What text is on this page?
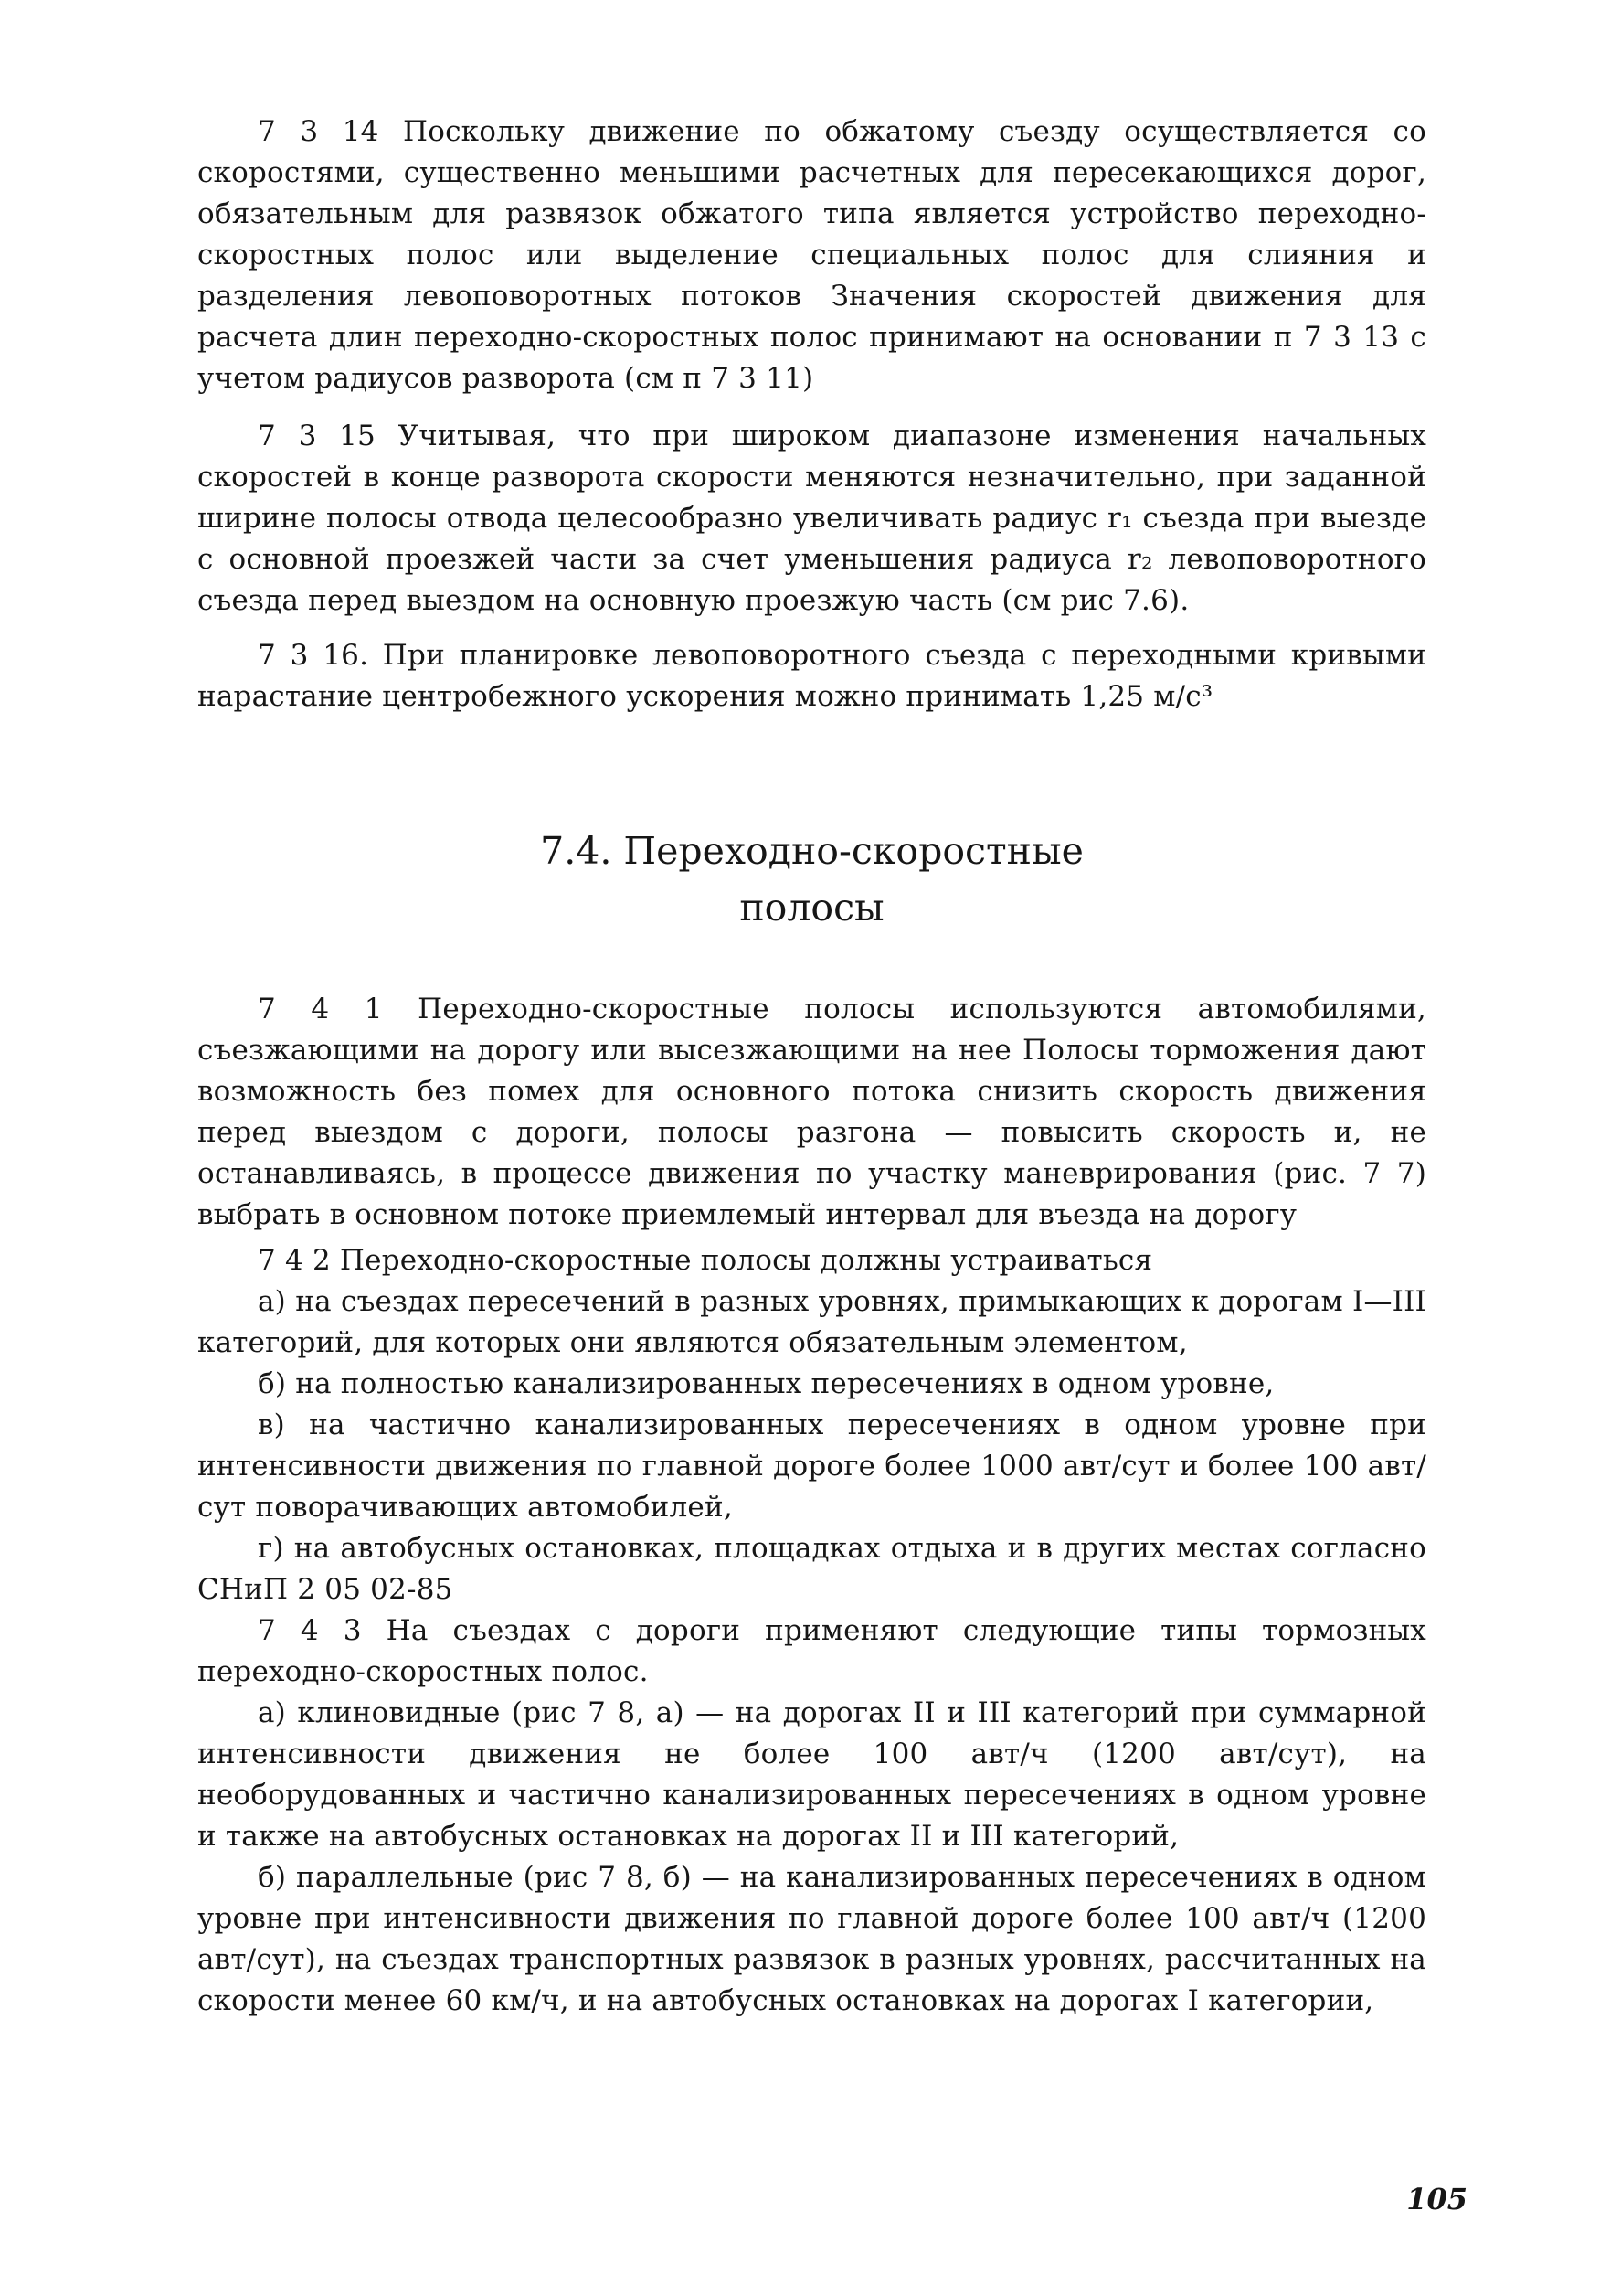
7 3 14 Поскольку движение по обжатому съезду осуществляется со скоростями, существенно меньшими расчетных для пересекающихся дорог, обязательным для развязок обжатого типа является устройство переходно-скоростных полос или выделение специальных полос для слияния и разделения левоповоротных потоков Значения скоростей движения для расчета длин переходно-скоростных полос принимают на основании п 7 3 13 с учетом радиусов разворота (см п 7 3 11)

7 3 15 Учитывая, что при широком диапазоне изменения начальных скоростей в конце разворота скорости меняются незначительно, при заданной ширине полосы отвода целесообразно увеличивать радиус r₁ съезда при выезде с основной проезжей части за счет уменьшения радиуса r₂ левоповоротного съезда перед выездом на основную проезжую часть (см рис 7.6).

7 3 16. При планировке левоповоротного съезда с переходными кривыми нарастание центробежного ускорения можно принимать 1,25 м/с³

7.4. Переходно-скоростные
полосы

7 4 1 Переходно-скоростные полосы используются автомобилями, съезжающими на дорогу или высезжающими на нее Полосы торможения дают возможность без помех для основного потока снизить скорость движения перед выездом с дороги, полосы разгона — повысить скорость и, не останавливаясь, в процессе движения по участку маневрирования (рис. 7 7) выбрать в основном потоке приемлемый интервал для въезда на дорогу

7 4 2 Переходно-скоростные полосы должны устраиваться

а) на съездах пересечений в разных уровнях, примыкающих к дорогам I—III категорий, для которых они являются обязательным элементом,

б) на полностью канализированных пересечениях в одном уровне,

в) на частично канализированных пересечениях в одном уровне при интенсивности движения по главной дороге более 1000 авт/сут и более 100 авт/сут поворачивающих автомобилей,

г) на автобусных остановках, площадках отдыха и в других местах согласно СНиП 2 05 02-85

7 4 3 На съездах с дороги применяют следующие типы тормозных переходно-скоростных полос.

а) клиновидные (рис 7 8, а) — на дорогах II и III категорий при суммарной интенсивности движения не более 100 авт/ч (1200 авт/сут), на необорудованных и частично канализированных пересечениях в одном уровне и также на автобусных остановках на дорогах II и III категорий,

б) параллельные (рис 7 8, б) — на канализированных пересечениях в одном уровне при интенсивности движения по главной дороге более 100 авт/ч (1200 авт/сут), на съездах транспортных развязок в разных уровнях, рассчитанных на скорости менее 60 км/ч, и на автобусных остановках на дорогах I категории,

105
